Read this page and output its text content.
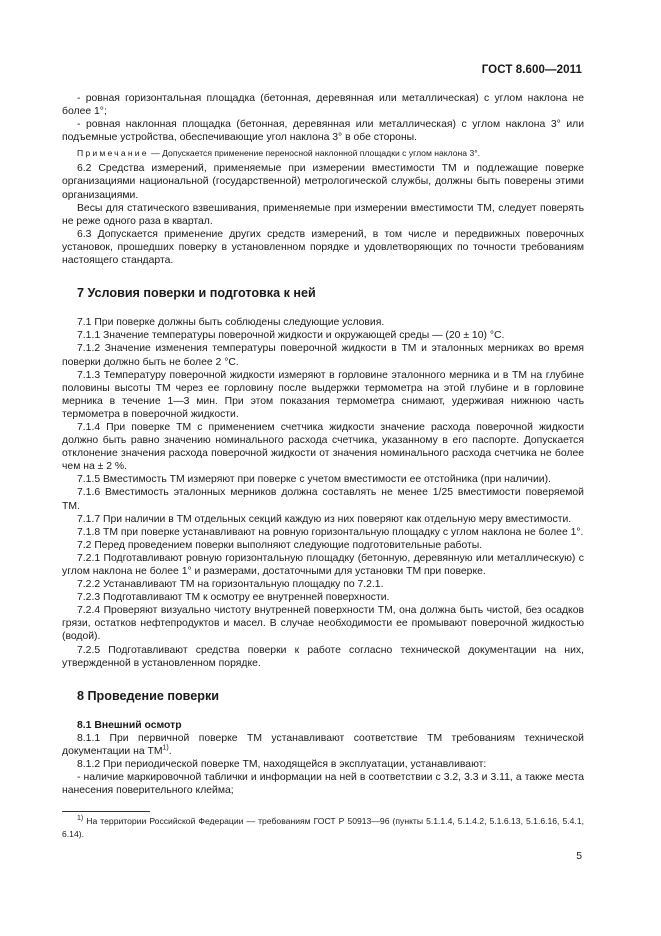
ГОСТ 8.600—2011

- ровная горизонтальная площадка (бетонная, деревянная или металлическая) с углом наклона не более 1°;

- ровная наклонная площадка (бетонная, деревянная или металлическая) с углом наклона 3° или подъемные устройства, обеспечивающие угол наклона 3° в обе стороны.

Примечание — Допускается применение переносной наклонной площадки с углом наклона 3°.

6.2 Средства измерений, применяемые при измерении вместимости ТМ и подлежащие поверке организациями национальной (государственной) метрологической службы, должны быть поверены этими организациями.

Весы для статического взвешивания, применяемые при измерении вместимости ТМ, следует поверять не реже одного раза в квартал.

6.3 Допускается применение других средств измерений, в том числе и передвижных поверочных установок, прошедших поверку в установленном порядке и удовлетворяющих по точности требованиям настоящего стандарта.

7 Условия поверки и подготовка к ней

7.1 При поверке должны быть соблюдены следующие условия.

7.1.1 Значение температуры поверочной жидкости и окружающей среды — (20 ± 10) °C.

7.1.2 Значение изменения температуры поверочной жидкости в ТМ и эталонных мерниках во время поверки должно быть не более 2 °C.

7.1.3 Температуру поверочной жидкости измеряют в горловине эталонного мерника и в ТМ на глубине половины высоты ТМ через ее горловину после выдержки термометра на этой глубине и в горловине мерника в течение 1—3 мин. При этом показания термометра снимают, удерживая нижнюю часть термометра в поверочной жидкости.

7.1.4 При поверке ТМ с применением счетчика жидкости значение расхода поверочной жидкости должно быть равно значению номинального расхода счетчика, указанному в его паспорте. Допускается отклонение значения расхода поверочной жидкости от значения номинального расхода счетчика не более чем на ± 2 %.

7.1.5 Вместимость ТМ измеряют при поверке с учетом вместимости ее отстойника (при наличии).

7.1.6 Вместимость эталонных мерников должна составлять не менее 1/25 вместимости поверяемой ТМ.

7.1.7 При наличии в ТМ отдельных секций каждую из них поверяют как отдельную меру вместимости.

7.1.8 ТМ при поверке устанавливают на ровную горизонтальную площадку с углом наклона не более 1°.

7.2 Перед проведением поверки выполняют следующие подготовительные работы.

7.2.1 Подготавливают ровную горизонтальную площадку (бетонную, деревянную или металлическую) с углом наклона не более 1° и размерами, достаточными для установки ТМ при поверке.

7.2.2 Устанавливают ТМ на горизонтальную площадку по 7.2.1.

7.2.3 Подготавливают ТМ к осмотру ее внутренней поверхности.

7.2.4 Проверяют визуально чистоту внутренней поверхности ТМ, она должна быть чистой, без осадков грязи, остатков нефтепродуктов и масел. В случае необходимости ее промывают поверочной жидкостью (водой).

7.2.5 Подготавливают средства поверки к работе согласно технической документации на них, утвержденной в установленном порядке.

8 Проведение поверки

8.1 Внешний осмотр

8.1.1 При первичной поверке ТМ устанавливают соответствие ТМ требованиям технической документации на ТМ$^{1)}$.

8.1.2 При периодической поверке ТМ, находящейся в эксплуатации, устанавливают:

- наличие маркировочной таблички и информации на ней в соответствии с 3.2, 3.3 и 3.11, а также места нанесения поверительного клейма;

$^{1)}$ На территории Российской Федерации — требованиям ГОСТ Р 50913—96 (пункты 5.1.1.4, 5.1.4.2, 5.1.6.13, 5.1.6.16, 5.4.1, 6.14).
5
